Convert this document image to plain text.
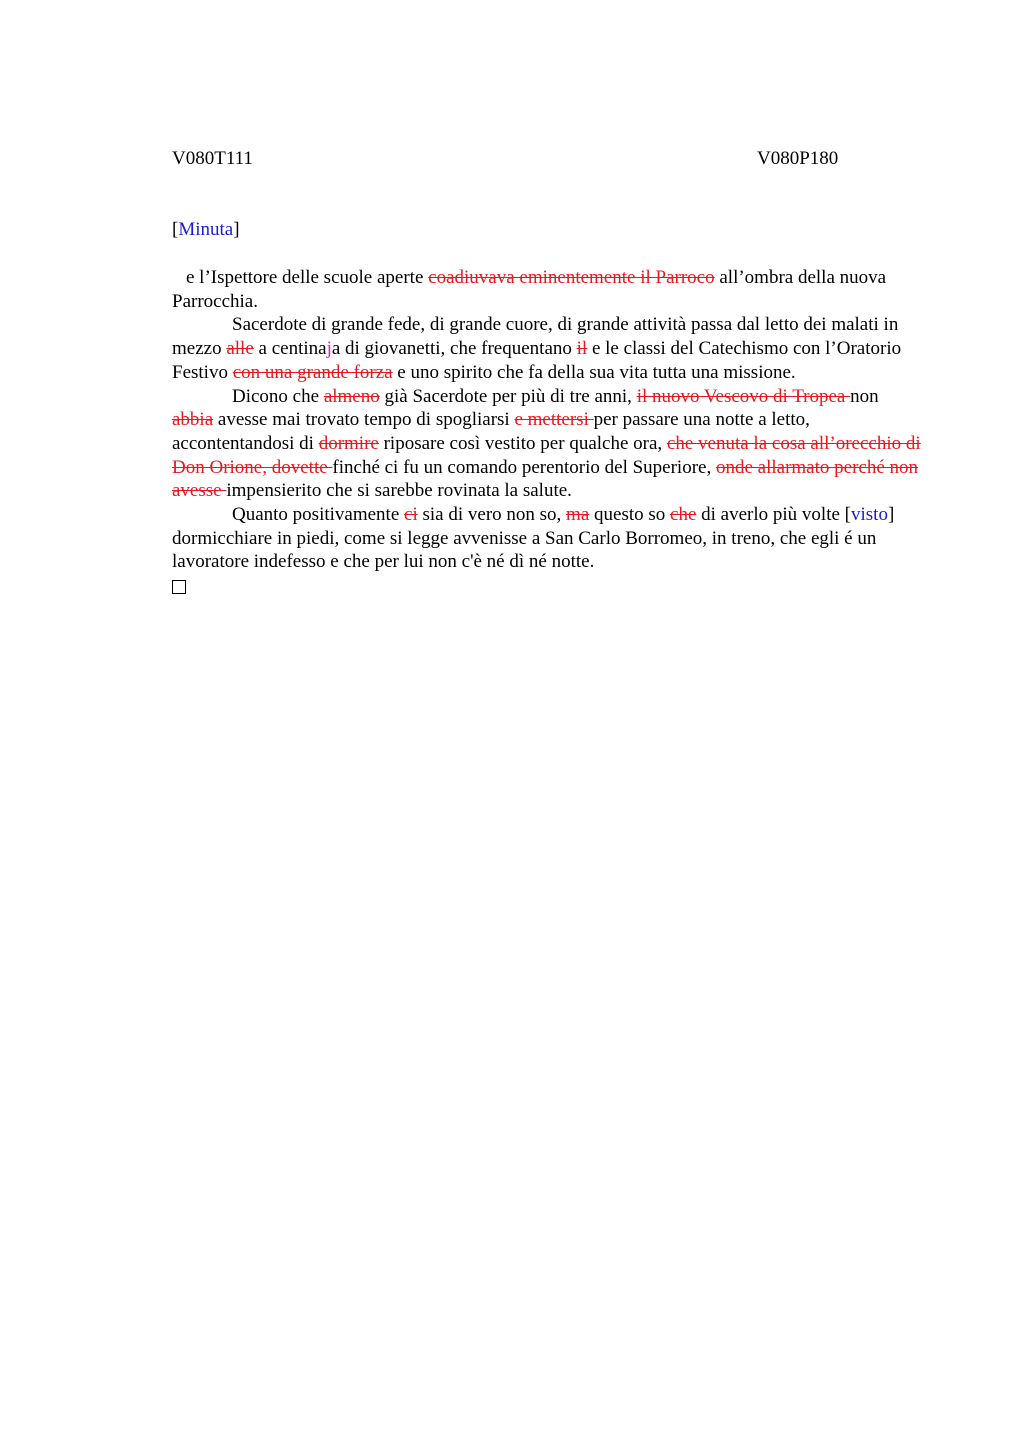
V080T111	V080P180
[Minuta]

e l’Ispettore delle scuole aperte coadiuvava eminentemente il Parroco all’ombra della nuova Parrocchia.

Sacerdote di grande fede, di grande cuore, di grande attività passa dal letto dei malati in mezzo alle a centinaja di giovanetti, che frequentano il e le classi del Catechismo con l’Oratorio Festivo con una grande forza e uno spirito che fa della sua vita tutta una missione.

Dicono che almeno già Sacerdote per più di tre anni, il nuovo Vescovo di Tropea non abbia avesse mai trovato tempo di spogliarsi e mettersi per passare una notte a letto, accontentandosi di dormire riposare così vestito per qualche ora, che venuta la cosa all’orecchio di Don Orione, dovette finché ci fu un comando perentorio del Superiore, onde allarmato perché non avesse impensierito che si sarebbe rovinata la salute.

Quanto positivamente ci sia di vero non so, ma questo so che di averlo più volte [visto] dormicchiare in piedi, come si legge avvenisse a San Carlo Borromeo, in treno, che egli é un lavoratore indefesso e che per lui non c'è né dì né notte.
